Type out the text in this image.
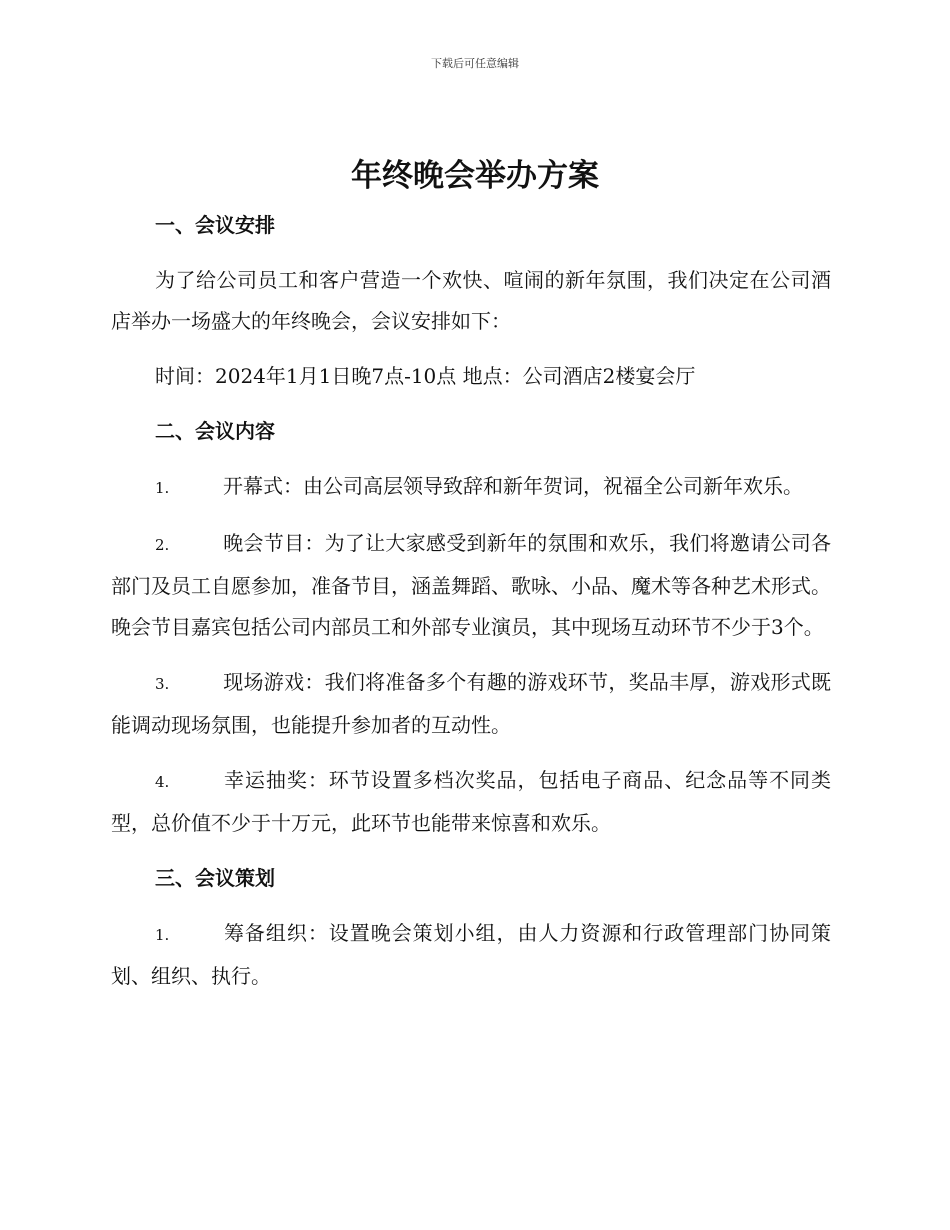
下载后可任意编辑
年终晚会举办方案

一、会议安排

为了给公司员工和客户营造一个欢快、喧闹的新年氛围，我们决定在公司酒店举办一场盛大的年终晚会，会议安排如下：

时间：2024年1月1日晚7点-10点 地点：公司酒店2楼宴会厅

二、会议内容

1.	开幕式：由公司高层领导致辞和新年贺词，祝福全公司新年欢乐。

2.	晚会节目：为了让大家感受到新年的氛围和欢乐，我们将邀请公司各部门及员工自愿参加，准备节目，涵盖舞蹈、歌咏、小品、魔术等各种艺术形式。晚会节目嘉宾包括公司内部员工和外部专业演员，其中现场互动环节不少于3个。

3.	现场游戏：我们将准备多个有趣的游戏环节，奖品丰厚，游戏形式既能调动现场氛围，也能提升参加者的互动性。

4.	幸运抽奖：环节设置多档次奖品，包括电子商品、纪念品等不同类型，总价值不少于十万元，此环节也能带来惊喜和欢乐。

三、会议策划

1.	筹备组织：设置晚会策划小组，由人力资源和行政管理部门协同策划、组织、执行。
